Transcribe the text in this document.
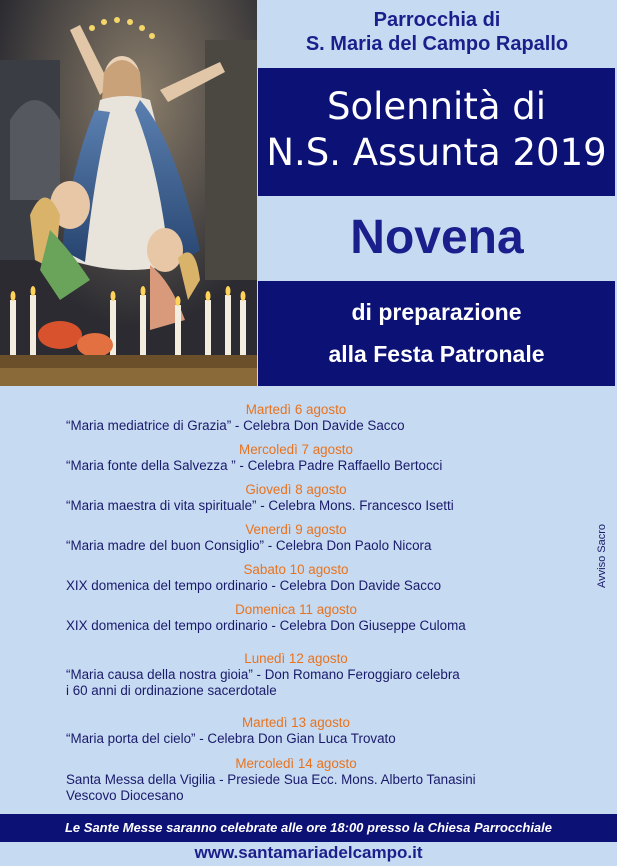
Parrocchia di
S. Maria del Campo Rapallo
Solennità di
N.S. Assunta 2019
Novena
di preparazione
alla Festa Patronale
Martedì 6 agosto
“Maria mediatrice di Grazia” - Celebra Don Davide Sacco
Mercoledì 7 agosto
“Maria fonte della Salvezza ” - Celebra Padre Raffaello Bertocci
Giovedì 8 agosto
“Maria maestra di vita spirituale” - Celebra Mons. Francesco Isetti
Venerdì 9 agosto
“Maria madre del buon Consiglio” - Celebra Don Paolo Nicora
Sabato 10 agosto
XIX domenica del tempo ordinario - Celebra Don Davide Sacco
Domenica 11 agosto
XIX domenica del tempo ordinario - Celebra Don Giuseppe Culoma
Lunedì 12 agosto
“Maria causa della nostra gioia” - Don Romano Feroggiaro celebra
i 60 anni di ordinazione sacerdotale
Martedì 13 agosto
“Maria porta del cielo” - Celebra Don Gian Luca Trovato
Mercoledì 14 agosto
Santa Messa della Vigilia - Presiede Sua Ecc. Mons. Alberto Tanasini
Vescovo Diocesano
Avviso Sacro
Le Sante Messe saranno celebrate alle ore 18:00 presso la Chiesa Parrocchiale
www.santamariadelcampo.it
